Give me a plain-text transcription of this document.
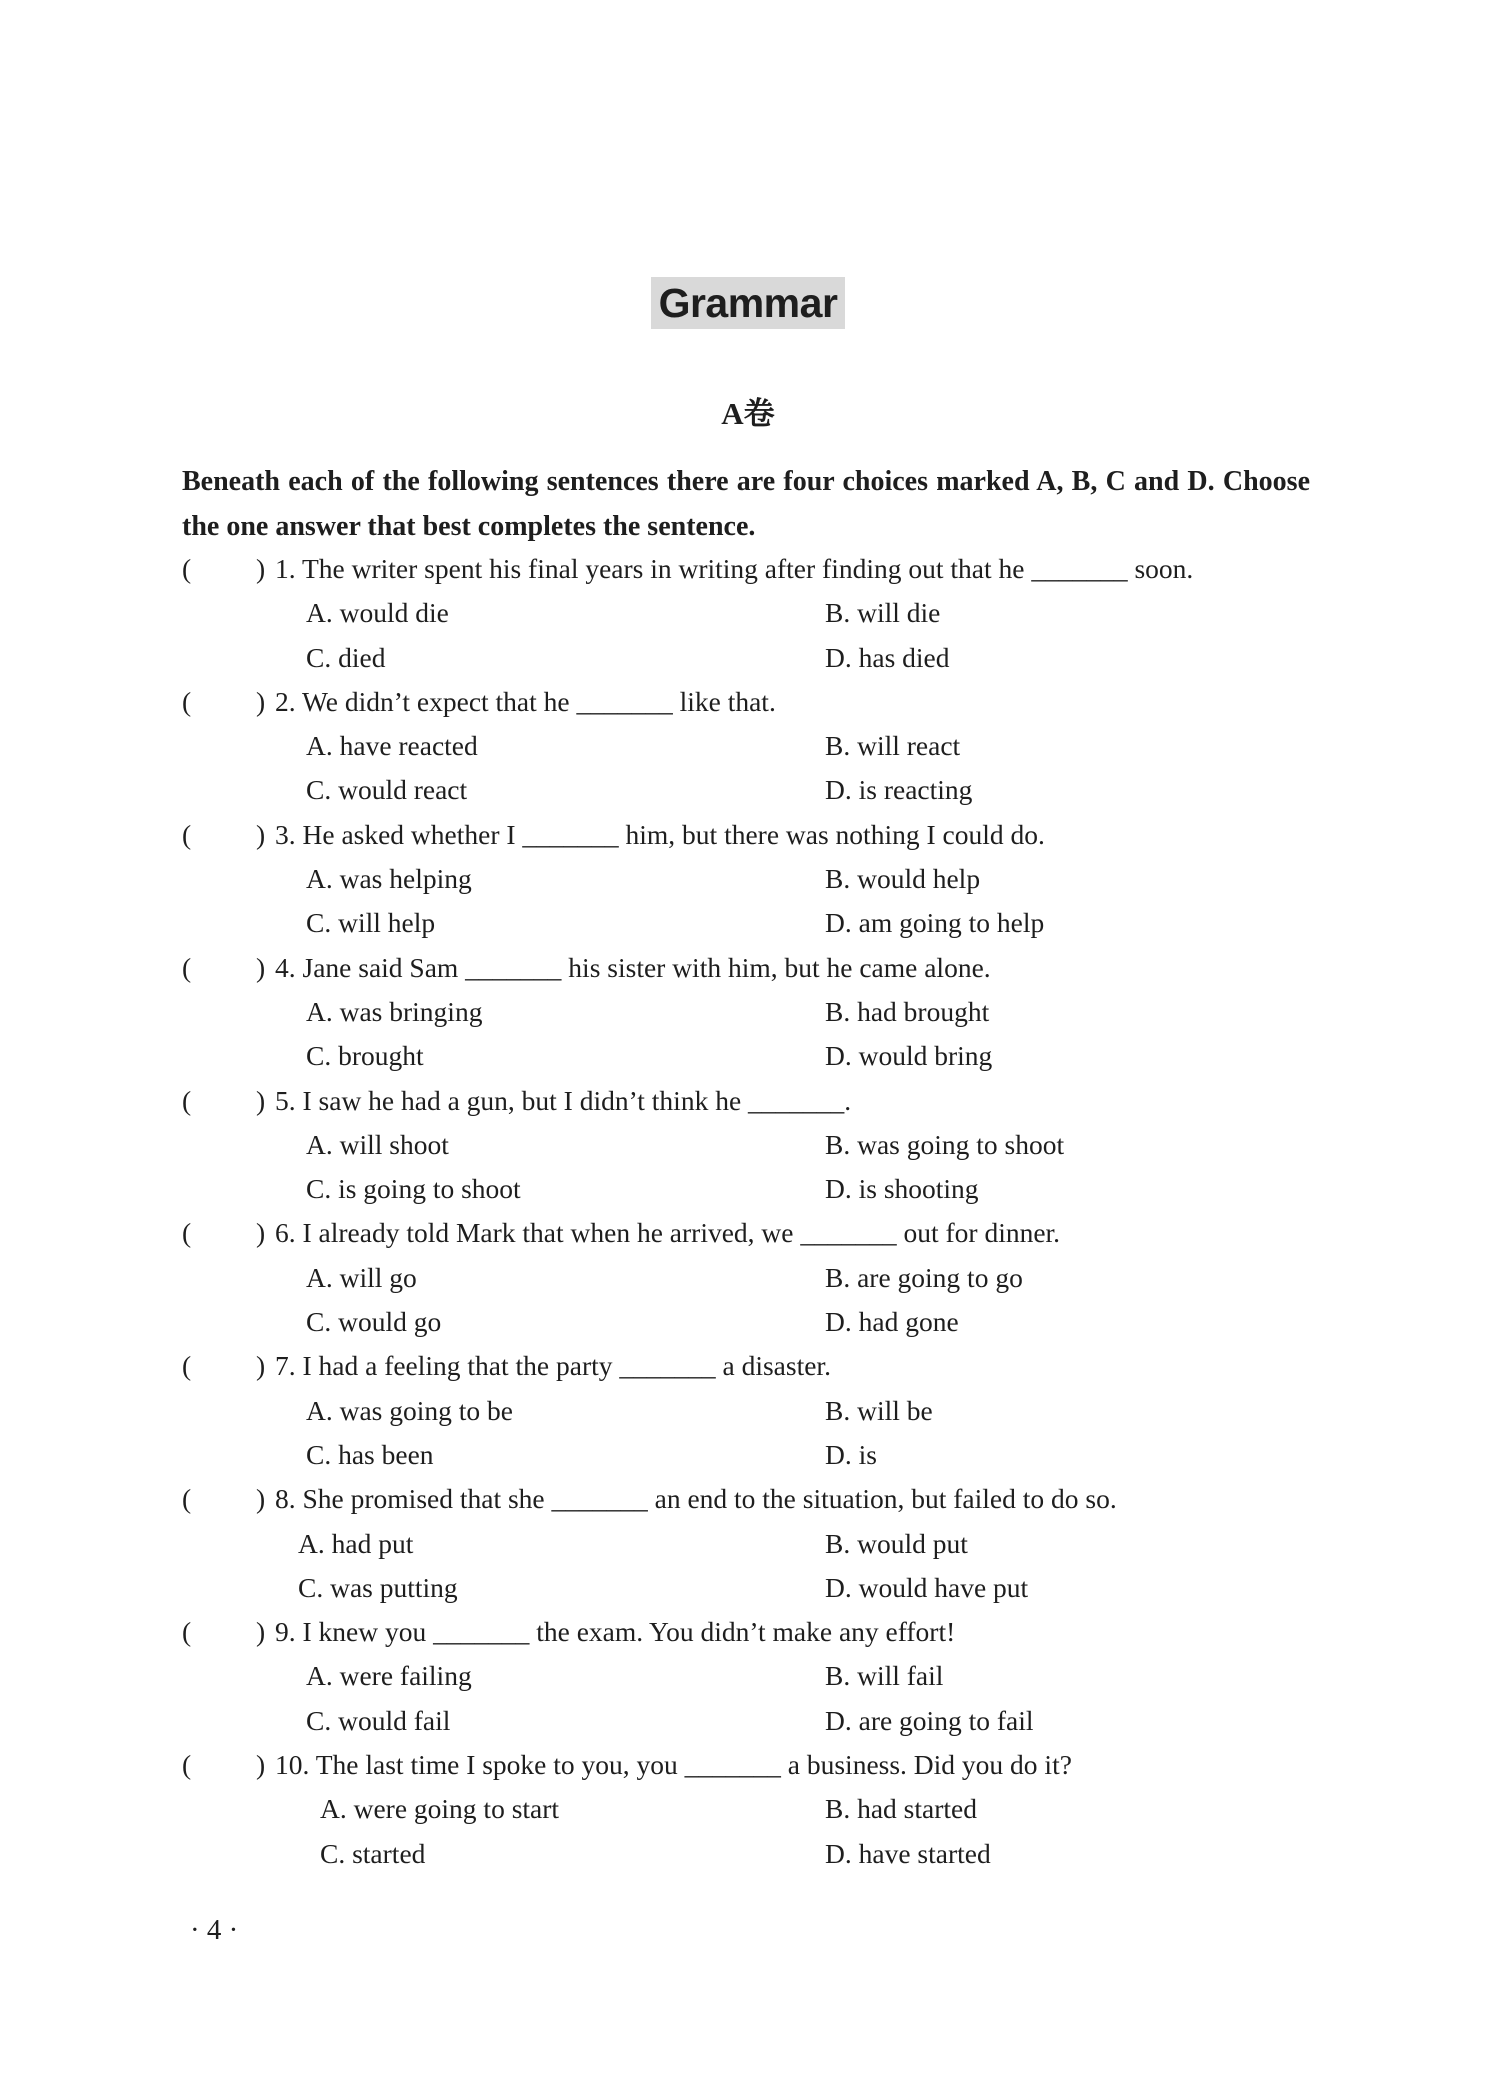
Grammar
A卷
Beneath each of the following sentences there are four choices marked A, B, C and D. Choose the one answer that best completes the sentence.
( ) 1. The writer spent his final years in writing after finding out that he _______ soon.
A. would die	B. will die
C. died	D. has died
( ) 2. We didn’t expect that he _______ like that.
A. have reacted	B. will react
C. would react	D. is reacting
( ) 3. He asked whether I _______ him, but there was nothing I could do.
A. was helping	B. would help
C. will help	D. am going to help
( ) 4. Jane said Sam _______ his sister with him, but he came alone.
A. was bringing	B. had brought
C. brought	D. would bring
( ) 5. I saw he had a gun, but I didn’t think he _______.
A. will shoot	B. was going to shoot
C. is going to shoot	D. is shooting
( ) 6. I already told Mark that when he arrived, we _______ out for dinner.
A. will go	B. are going to go
C. would go	D. had gone
( ) 7. I had a feeling that the party _______ a disaster.
A. was going to be	B. will be
C. has been	D. is
( ) 8. She promised that she _______ an end to the situation, but failed to do so.
A. had put	B. would put
C. was putting	D. would have put
( ) 9. I knew you _______ the exam. You didn’t make any effort!
A. were failing	B. will fail
C. would fail	D. are going to fail
( ) 10. The last time I spoke to you, you _______ a business. Did you do it?
A. were going to start	B. had started
C. started	D. have started
· 4 ·
